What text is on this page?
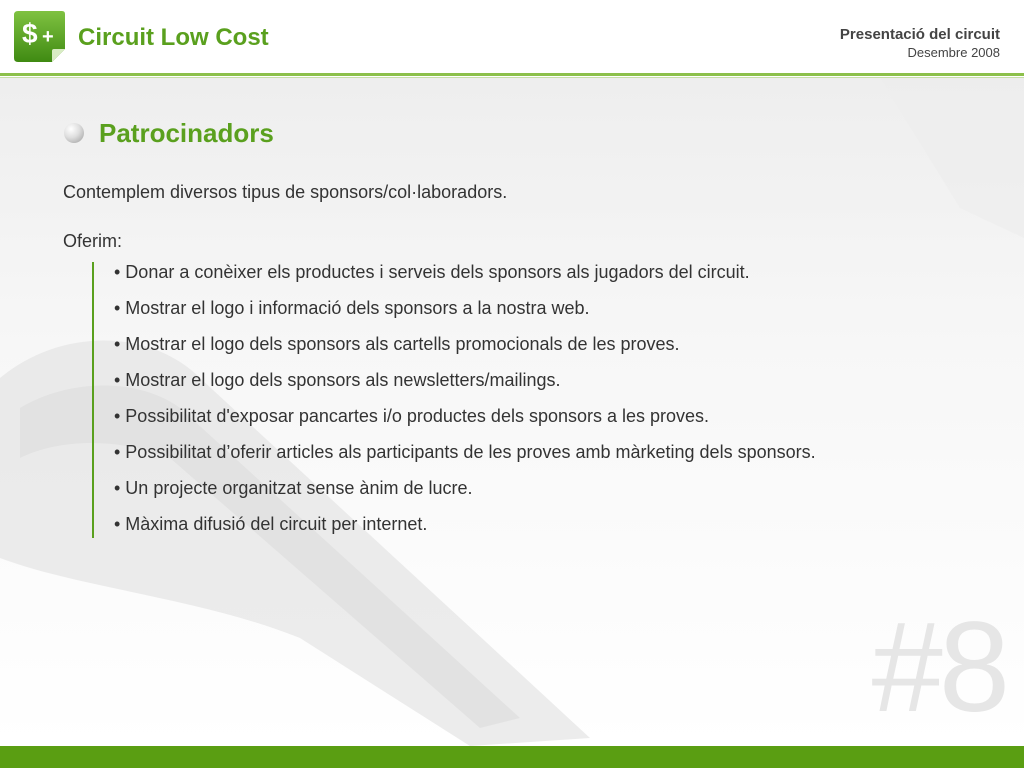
$ + Circuit Low Cost	Presentació del circuit
Desembre 2008
Patrocinadors
Contemplem diversos tipus de sponsors/col·laboradors.
Oferim:
• Donar a conèixer els productes i serveis dels sponsors als jugadors del circuit.
• Mostrar el logo i informació dels sponsors a la nostra web.
• Mostrar el logo dels sponsors als cartells promocionals de les proves.
• Mostrar el logo dels sponsors als newsletters/mailings.
• Possibilitat d'exposar pancartes i/o productes dels sponsors a les proves.
• Possibilitat d’oferir articles als participants de les proves amb màrketing dels sponsors.
• Un projecte organitzat sense ànim de lucre.
• Màxima difusió del circuit per internet.
#8
